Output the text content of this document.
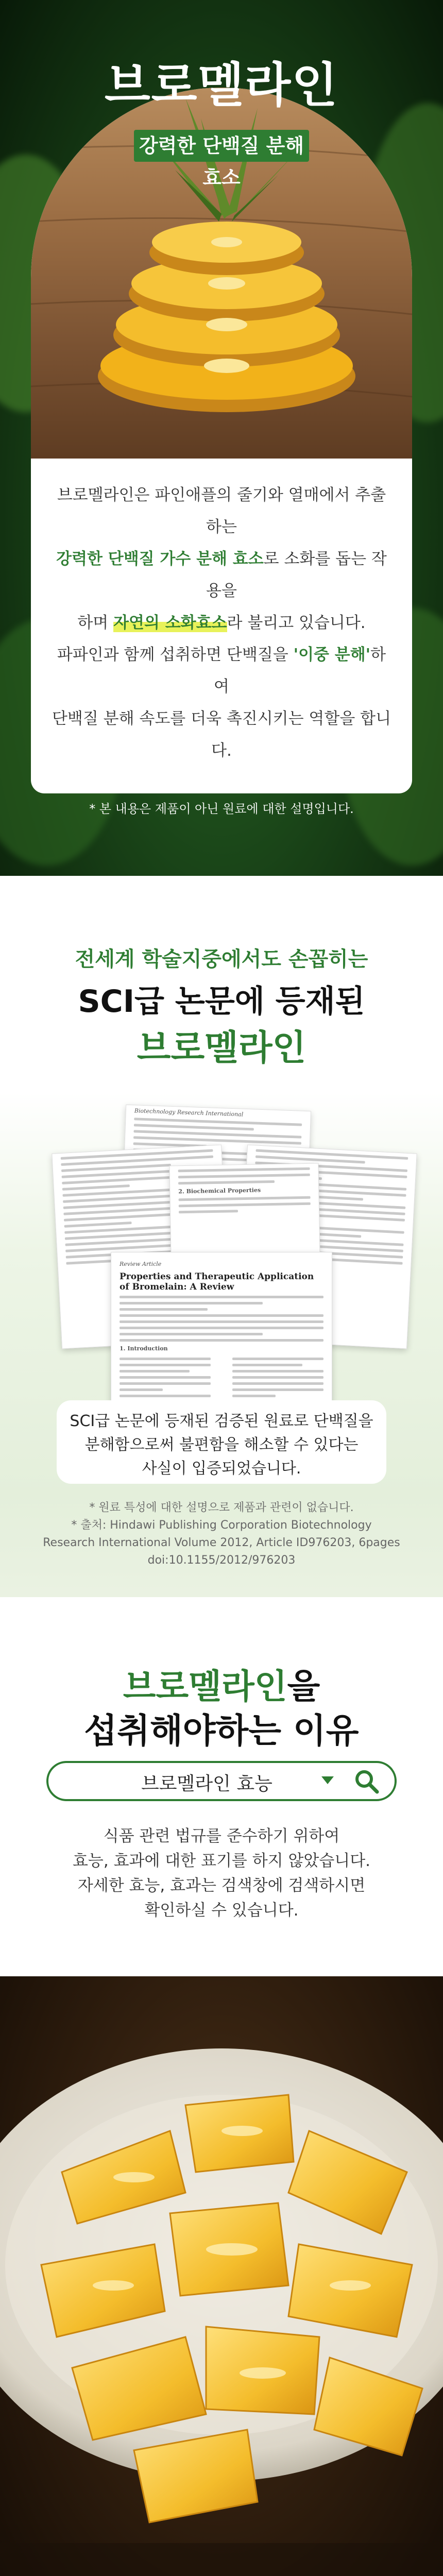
브로멜라인은 파인애플의 줄기와 열매에서 추출하는
강력한 단백질 가수 분해 효소로 소화를 돕는 작용을
하며 자연의 소화효소라 불리고 있습니다.
파파인과 함께 섭취하면 단백질을 '이중 분해'하여
단백질 분해 속도를 더욱 촉진시키는 역할을 합니다.
브로멜라인
강력한 단백질 분해 효소
* 본 내용은 제품이 아닌 원료에 대한 설명입니다.
전세계 학술지중에서도 손꼽히는
SCI급 논문에 등재된
브로멜라인
Biotechnology Research International
2. Biochemical Properties
Review Article
Properties and Therapeutic Application of Bromelain: A Review
1. Introduction
SCI급 논문에 등재된 검증된 원료로 단백질을
분해함으로써 불편함을 해소할 수 있다는
사실이 입증되었습니다.
* 원료 특성에 대한 설명으로 제품과 관련이 없습니다.
* 출처: Hindawi Publishing Corporation Biotechnology
Research International Volume 2012, Article ID976203, 6pages
doi:10.1155/2012/976203
브로멜라인을
섭취해야하는 이유
브로멜라인 효능
식품 관련 법규를 준수하기 위하여
효능, 효과에 대한 표기를 하지 않았습니다.
자세한 효능, 효과는 검색창에 검색하시면
확인하실 수 있습니다.
